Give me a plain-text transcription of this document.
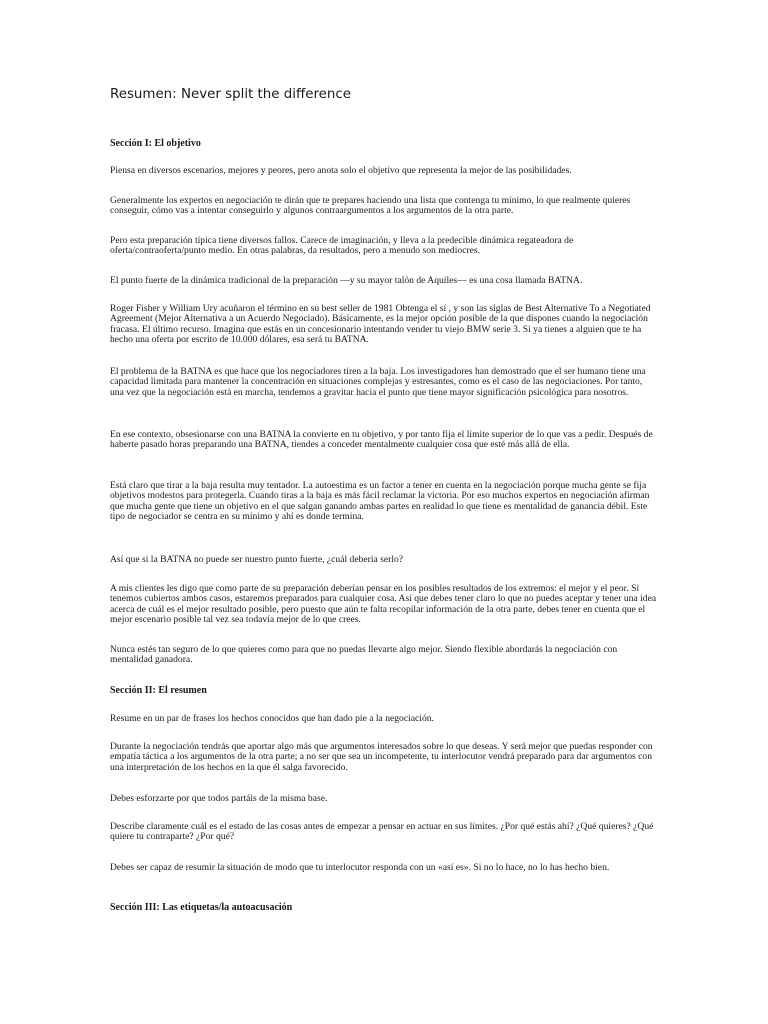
Resumen: Never split the difference

Sección I: El objetivo

Piensa en diversos escenarios, mejores y peores, pero anota solo el objetivo que representa la mejor de las posibilidades.

Generalmente los expertos en negociación te dirán que te prepares haciendo una lista que contenga tu mínimo, lo que realmente quieres conseguir, cómo vas a intentar conseguirlo y algunos contraargumentos a los argumentos de la otra parte.

Pero esta preparación típica tiene diversos fallos. Carece de imaginación, y lleva a la predecible dinámica regateadora de oferta/contraoferta/punto medio. En otras palabras, da resultados, pero a menudo son mediocres.

El punto fuerte de la dinámica tradicional de la preparación —y su mayor talón de Aquiles— es una cosa llamada BATNA.

Roger Fisher y William Ury acuñaron el término en su best seller de 1981 Obtenga el sí , y son las siglas de Best Alternative To a Negotiated Agreement (Mejor Alternativa a un Acuerdo Negociado). Básicamente, es la mejor opción posible de la que dispones cuando la negociación fracasa. El último recurso. Imagina que estás en un concesionario intentando vender tu viejo BMW serie 3. Si ya tienes a alguien que te ha hecho una oferta por escrito de 10.000 dólares, esa será tu BATNA.

El problema de la BATNA es que hace que los negociadores tiren a la baja. Los investigadores han demostrado que el ser humano tiene una capacidad limitada para mantener la concentración en situaciones complejas y estresantes, como es el caso de las negociaciones. Por tanto, una vez que la negociación está en marcha, tendemos a gravitar hacia el punto que tiene mayor significación psicológica para nosotros.

En ese contexto, obsesionarse con una BATNA la convierte en tu objetivo, y por tanto fija el límite superior de lo que vas a pedir. Después de haberte pasado horas preparando una BATNA, tiendes a conceder mentalmente cualquier cosa que esté más allá de ella.

Está claro que tirar a la baja resulta muy tentador. La autoestima es un factor a tener en cuenta en la negociación porque mucha gente se fija objetivos modestos para protegerla. Cuando tiras a la baja es más fácil reclamar la victoria. Por eso muchos expertos en negociación afirman que mucha gente que tiene un objetivo en el que salgan ganando ambas partes en realidad lo que tiene es mentalidad de ganancia débil. Este tipo de negociador se centra en su mínimo y ahí es donde termina.

Así que si la BATNA no puede ser nuestro punto fuerte, ¿cuál debería serlo?

A mis clientes les digo que como parte de su preparación deberían pensar en los posibles resultados de los extremos: el mejor y el peor. Si tenemos cubiertos ambos casos, estaremos preparados para cualquier cosa. Así que debes tener claro lo que no puedes aceptar y tener una idea acerca de cuál es el mejor resultado posible, pero puesto que aún te falta recopilar información de la otra parte, debes tener en cuenta que el mejor escenario posible tal vez sea todavía mejor de lo que crees.

Nunca estés tan seguro de lo que quieres como para que no puedas llevarte algo mejor. Siendo flexible abordarás la negociación con mentalidad ganadora.

Sección II: El resumen

Resume en un par de frases los hechos conocidos que han dado pie a la negociación.

Durante la negociación tendrás que aportar algo más que argumentos interesados sobre lo que deseas. Y será mejor que puedas responder con empatía táctica a los argumentos de la otra parte; a no ser que sea un incompetente, tu interlocutor vendrá preparado para dar argumentos con una interpretación de los hechos en la que él salga favorecido.

Debes esforzarte por que todos partáis de la misma base.

Describe claramente cuál es el estado de las cosas antes de empezar a pensar en actuar en sus límites. ¿Por qué estás ahí? ¿Qué quieres? ¿Qué quiere tu contraparte? ¿Por qué?

Debes ser capaz de resumir la situación de modo que tu interlocutor responda con un «así es». Si no lo hace, no lo has hecho bien.

Sección III: Las etiquetas/la autoacusación
